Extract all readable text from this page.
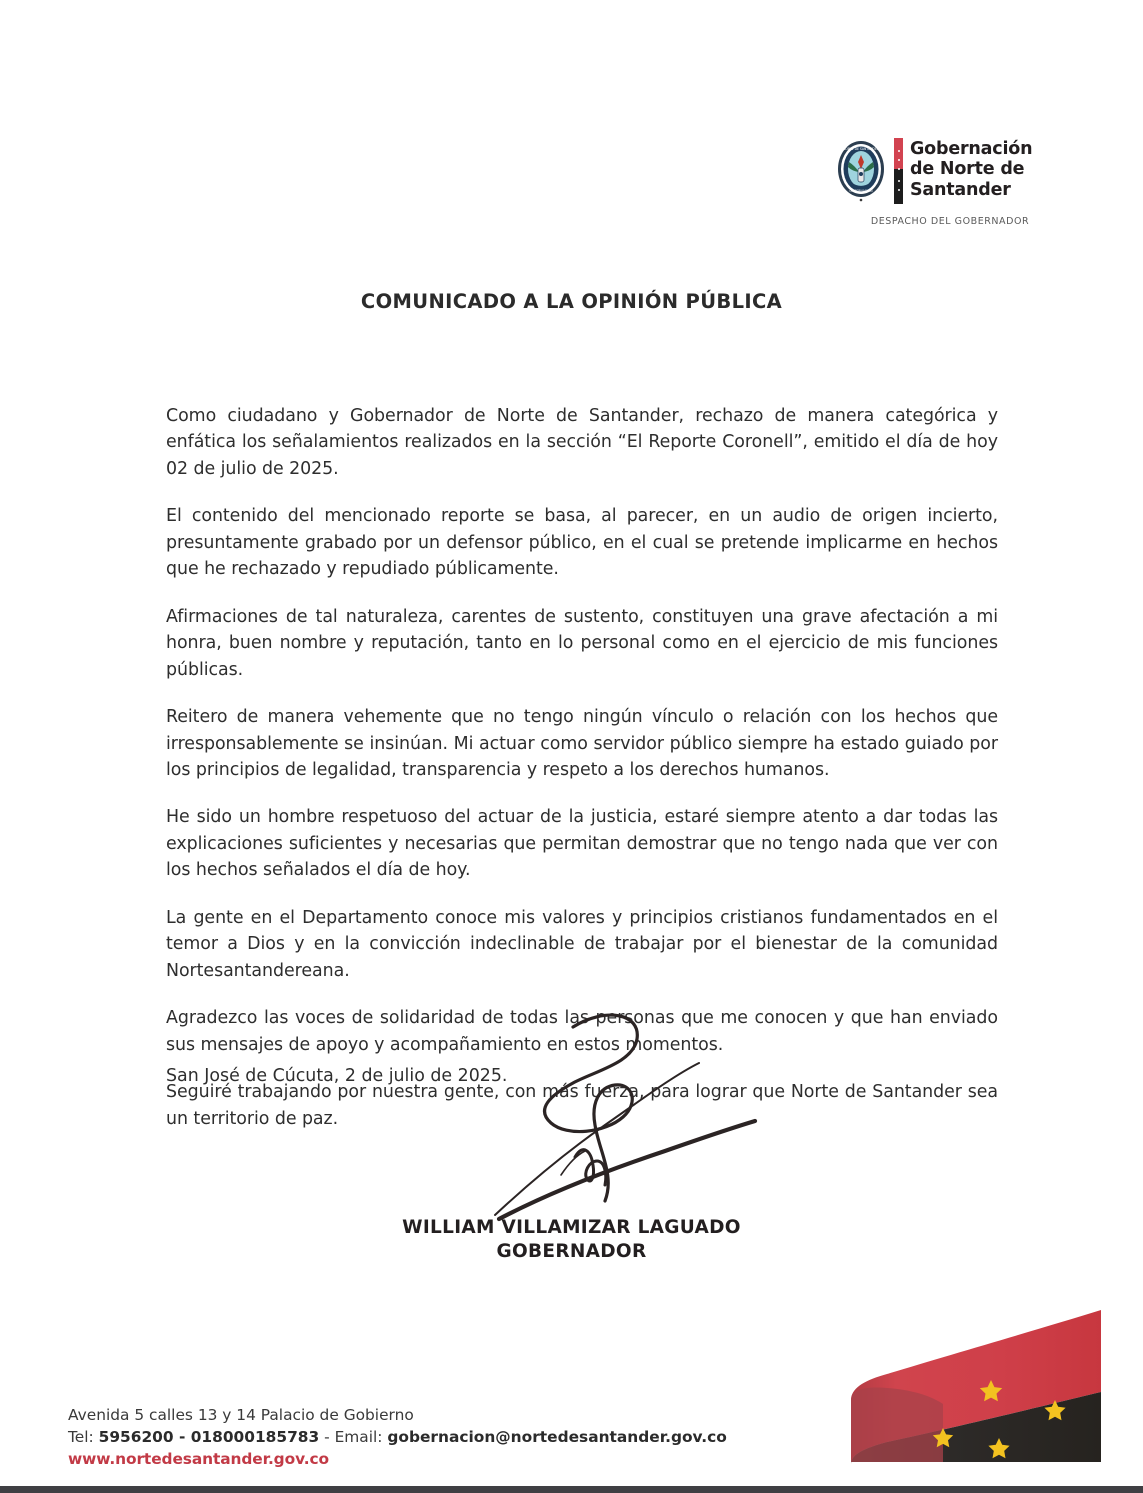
NORTE DE SANTANDER
GOBERNACION
Gobernación
de Norte de
Santander
DESPACHO DEL GOBERNADOR
COMUNICADO A LA OPINIÓN PÚBLICA

Como ciudadano y Gobernador de Norte de Santander, rechazo de manera categórica y enfática los señalamientos realizados en la sección “El Reporte Coronell”, emitido el día de hoy 02 de julio de 2025.

El contenido del mencionado reporte se basa, al parecer, en un audio de origen incierto, presuntamente grabado por un defensor público, en el cual se pretende implicarme en hechos que he rechazado y repudiado públicamente.

Afirmaciones de tal naturaleza, carentes de sustento, constituyen una grave afectación a mi honra, buen nombre y reputación, tanto en lo personal como en el ejercicio de mis funciones públicas.

Reitero de manera vehemente que no tengo ningún vínculo o relación con los hechos que irresponsablemente se insinúan. Mi actuar como servidor público siempre ha estado guiado por los principios de legalidad, transparencia y respeto a los derechos humanos.

He sido un hombre respetuoso del actuar de la justicia, estaré siempre atento a dar todas las explicaciones suficientes y necesarias que permitan demostrar que no tengo nada que ver con los hechos señalados el día de hoy.

La gente en el Departamento conoce mis valores y principios cristianos fundamentados en el temor a Dios y en la convicción indeclinable de trabajar por el bienestar de la comunidad Nortesantandereana.

Agradezco las voces de solidaridad de todas las personas que me conocen y que han enviado sus mensajes de apoyo y acompañamiento en estos momentos.

Seguiré trabajando por nuestra gente, con más fuerza, para lograr que Norte de Santander sea un territorio de paz.

San José de Cúcuta, 2 de julio de 2025.
WILLIAM VILLAMIZAR LAGUADO
GOBERNADOR
Avenida 5 calles 13 y 14 Palacio de Gobierno
Tel: 5956200 - 018000185783 - Email: gobernacion@nortedesantander.gov.co
www.nortedesantander.gov.co
